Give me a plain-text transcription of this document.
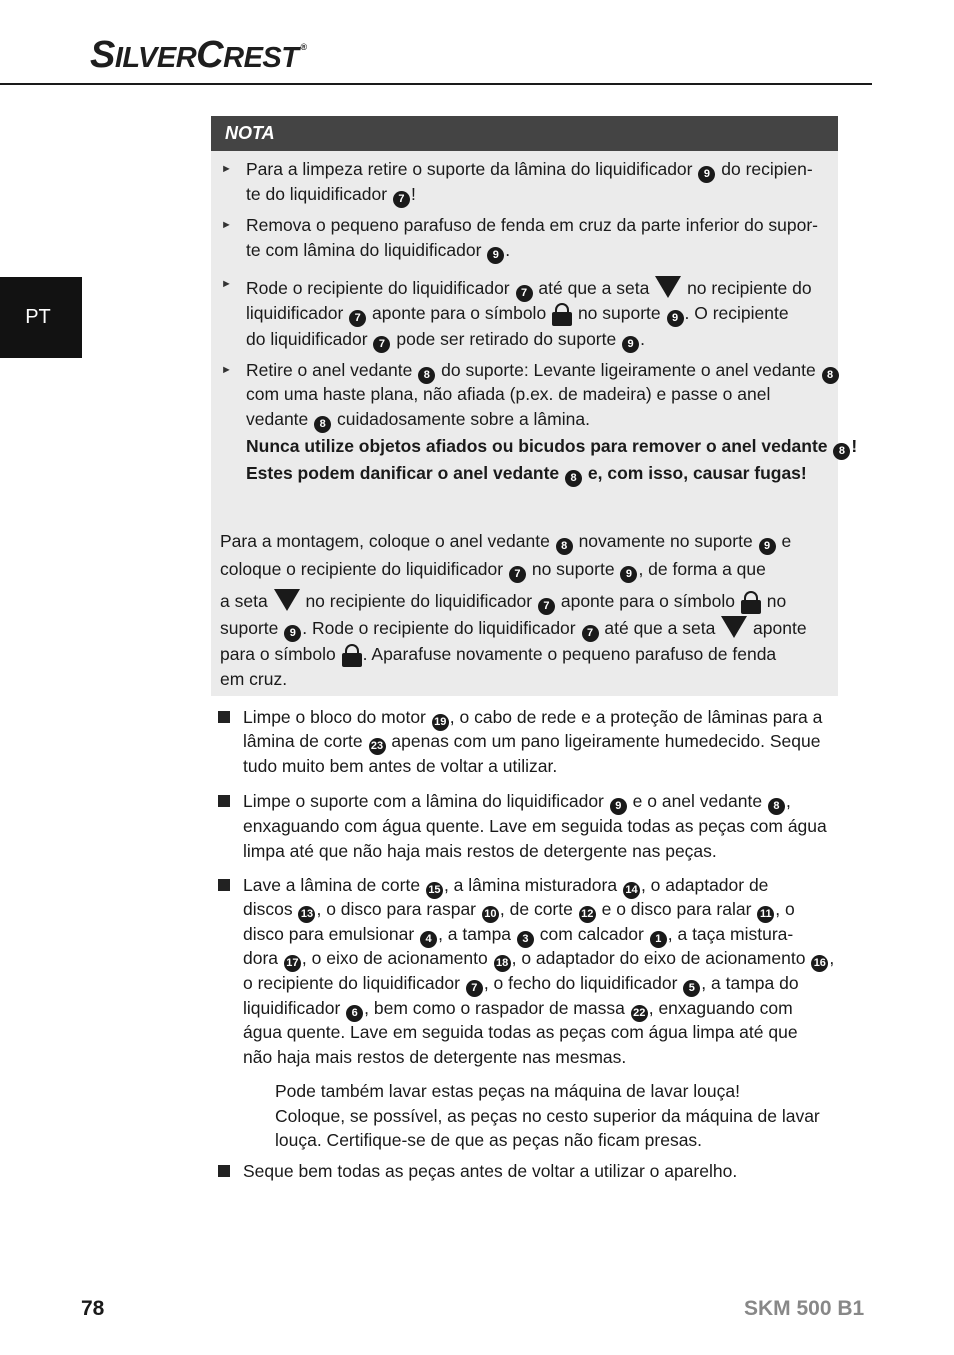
SILVERCREST ®
PT
NOTA
► Para a limpeza retire o suporte da lâmina do liquidificador 9 do recipien-
te do liquidificador 7 !
► Remova o pequeno parafuso de fenda em cruz da parte inferior do supor-
te com lâmina do liquidificador 9 .
► Rode o recipiente do liquidificador 7 até que a seta no recipiente do
liquidificador 7 aponte para o símbolo no suporte 9 . O recipiente
do liquidificador 7 pode ser retirado do suporte 9 .
► Retire o anel vedante 8 do suporte: Levante ligeiramente o anel vedante 8
com uma haste plana, não afiada (p.ex. de madeira) e passe o anel
vedante 8 cuidadosamente sobre a lâmina.
Nunca utilize objetos afiados ou bicudos para remover o anel vedante 8 !
Estes podem danificar o anel vedante 8 e, com isso, causar fugas!
Para a montagem, coloque o anel vedante 8 novamente no suporte 9 e
coloque o recipiente do liquidificador 7 no suporte 9 , de forma a que
a seta no recipiente do liquidificador 7 aponte para o símbolo no
suporte 9 . Rode o recipiente do liquidificador 7 até que a seta aponte
para o símbolo . Aparafuse novamente o pequeno parafuso de fenda
em cruz.
Limpe o bloco do motor 19 , o cabo de rede e a proteção de lâminas para a
lâmina de corte 23 apenas com um pano ligeiramente humedecido. Seque
tudo muito bem antes de voltar a utilizar.
Limpe o suporte com a lâmina do liquidificador 9 e o anel vedante 8 ,
enxaguando com água quente. Lave em seguida todas as peças com água
limpa até que não haja mais restos de detergente nas peças.
Lave a lâmina de corte 15 , a lâmina misturadora 14 , o adaptador de
discos 13 , o disco para raspar 10 , de corte 12 e o disco para ralar 11 , o
disco para emulsionar 4 , a tampa 3 com calcador 1 , a taça mistura-
dora 17 , o eixo de acionamento 18 , o adaptador do eixo de acionamento 16 ,
o recipiente do liquidificador 7 , o fecho do liquidificador 5 , a tampa do
liquidificador 6 , bem como o raspador de massa 22 , enxaguando com
água quente. Lave em seguida todas as peças com água limpa até que
não haja mais restos de detergente nas mesmas.
Pode também lavar estas peças na máquina de lavar louça!
Coloque, se possível, as peças no cesto superior da máquina de lavar
louça. Certifique-se de que as peças não ficam presas.
Seque bem todas as peças antes de voltar a utilizar o aparelho.
78	SKM 500 B1
